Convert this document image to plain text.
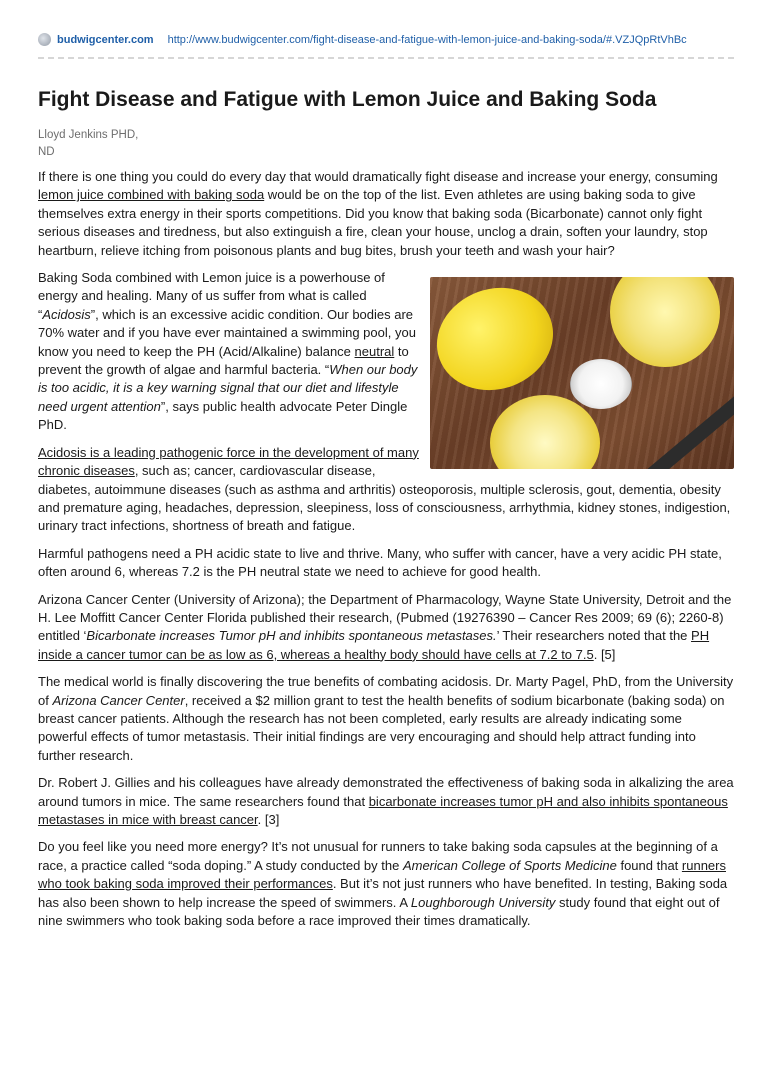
budwigcenter.com http://www.budwigcenter.com/fight-disease-and-fatigue-with-lemon-juice-and-baking-soda/#.VZJQpRtVhBc
Fight Disease and Fatigue with Lemon Juice and Baking Soda
Lloyd Jenkins PHD,
ND

If there is one thing you could do every day that would dramatically fight disease and increase your energy, consuming lemon juice combined with baking soda would be on the top of the list. Even athletes are using baking soda to give themselves extra energy in their sports competitions. Did you know that baking soda (Bicarbonate) cannot only fight serious diseases and tiredness, but also extinguish a fire, clean your house, unclog a drain, soften your laundry, stop heartburn, relieve itching from poisonous plants and bug bites, brush your teeth and wash your hair?

Baking Soda combined with Lemon juice is a powerhouse of energy and healing. Many of us suffer from what is called “Acidosis”, which is an excessive acidic condition. Our bodies are 70% water and if you have ever maintained a swimming pool, you know you need to keep the PH (Acid/Alkaline) balance neutral to prevent the growth of algae and harmful bacteria. “When our body is too acidic, it is a key warning signal that our diet and lifestyle need urgent attention”, says public health advocate Peter Dingle PhD.

Acidosis is a leading pathogenic force in the development of many chronic diseases, such as; cancer, cardiovascular disease, diabetes, autoimmune diseases (such as asthma and arthritis) osteoporosis, multiple sclerosis, gout, dementia, obesity and premature aging, headaches, depression, sleepiness, loss of consciousness, arrhythmia, kidney stones, indigestion, urinary tract infections, shortness of breath and fatigue.

Harmful pathogens need a PH acidic state to live and thrive. Many, who suffer with cancer, have a very acidic PH state, often around 6, whereas 7.2 is the PH neutral state we need to achieve for good health.

Arizona Cancer Center (University of Arizona); the Department of Pharmacology, Wayne State University, Detroit and the H. Lee Moffitt Cancer Center Florida published their research, (Pubmed (19276390 – Cancer Res 2009; 69 (6); 2260-8) entitled ‘Bicarbonate increases Tumor pH and inhibits spontaneous metastases.’ Their researchers noted that the PH inside a cancer tumor can be as low as 6, whereas a healthy body should have cells at 7.2 to 7.5. [5]

The medical world is finally discovering the true benefits of combating acidosis. Dr. Marty Pagel, PhD, from the University of Arizona Cancer Center, received a $2 million grant to test the health benefits of sodium bicarbonate (baking soda) on breast cancer patients. Although the research has not been completed, early results are already indicating some powerful effects of tumor metastasis. Their initial findings are very encouraging and should help attract funding into further research.

Dr. Robert J. Gillies and his colleagues have already demonstrated the effectiveness of baking soda in alkalizing the area around tumors in mice. The same researchers found that bicarbonate increases tumor pH and also inhibits spontaneous metastases in mice with breast cancer. [3]

Do you feel like you need more energy? It’s not unusual for runners to take baking soda capsules at the beginning of a race, a practice called “soda doping.” A study conducted by the American College of Sports Medicine found that runners who took baking soda improved their performances. But it’s not just runners who have benefited. In testing, Baking soda has also been shown to help increase the speed of swimmers. A Loughborough University study found that eight out of nine swimmers who took baking soda before a race improved their times dramatically.
